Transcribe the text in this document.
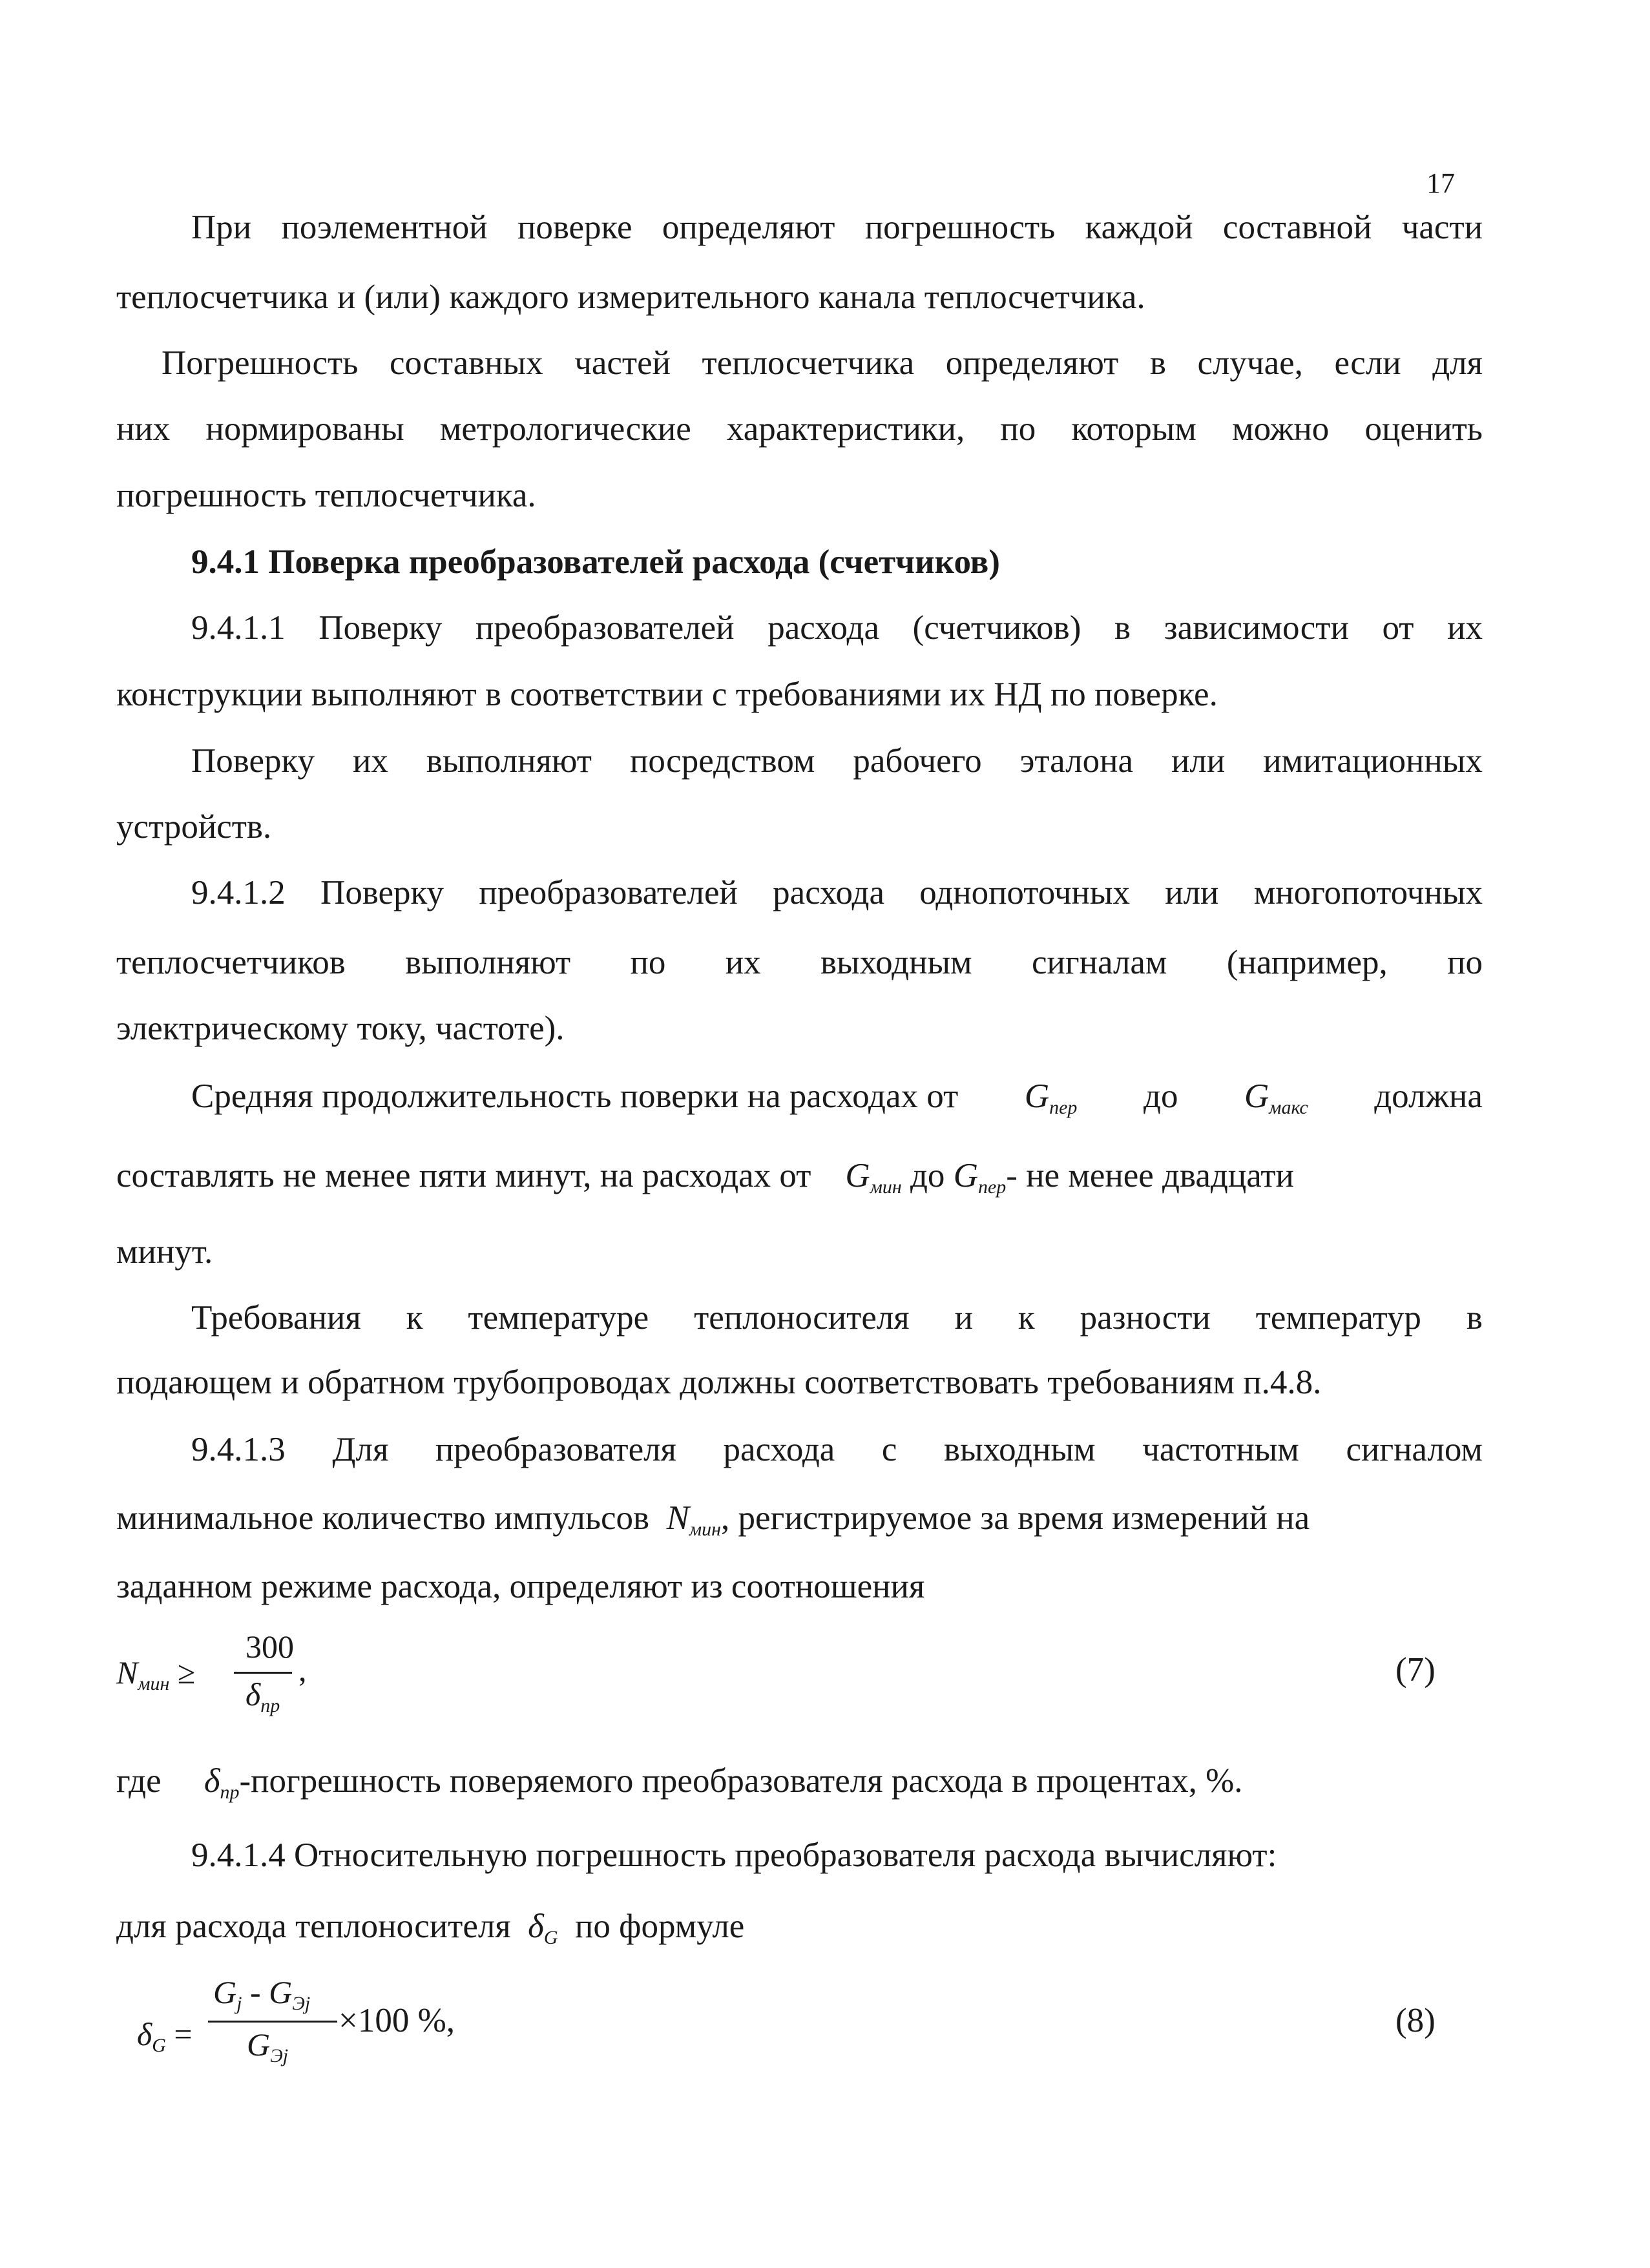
17
При поэлементной поверке определяют погрешность каждой составной части
теплосчетчика и (или) каждого измерительного канала теплосчетчика.
Погрешность составных частей теплосчетчика определяют в случае, если для
них нормированы метрологические характеристики, по которым можно оценить
погрешность теплосчетчика.
9.4.1 Поверка преобразователей расхода (счетчиков)
9.4.1.1 Поверку преобразователей расхода (счетчиков) в зависимости от их
конструкции выполняют в соответствии с требованиями их НД по поверке.
Поверку их выполняют посредством рабочего эталона или имитационных
устройств.
9.4.1.2 Поверку преобразователей расхода однопоточных или многопоточных
теплосчетчиков выполняют по их выходным сигналам (например, по
электрическому току, частоте).
Средняя продолжительность поверки на расходах от $G_{пер}$ до $G_{макс}$ должна
составлять не менее пяти минут, на расходах от $G_{мин}$ до $G_{пер}-$ не менее двадцати
минут.
Требования к температуре теплоносителя и к разности температур в
подающем и обратном трубопроводах должны соответствовать требованиям п.4.8.
9.4.1.3 Для преобразователя расхода с выходным частотным сигналом
минимальное количество импульсов $N_{мин}$, регистрируемое за время измерений на
заданном режиме расхода, определяют из соотношения
$N_{мин}$ ≥
300
$\delta_{пр}$
,	(7)
где $\delta_{пр}$-погрешность поверяемого преобразователя расхода в процентах, %.
9.4.1.4 Относительную погрешность преобразователя расхода вычисляют:
для расхода теплоносителя $\delta_G$ по формуле
$\delta_G$ =
$G_j - G_{Эj}$
$G_{Эj}$
×100 %,	(8)
